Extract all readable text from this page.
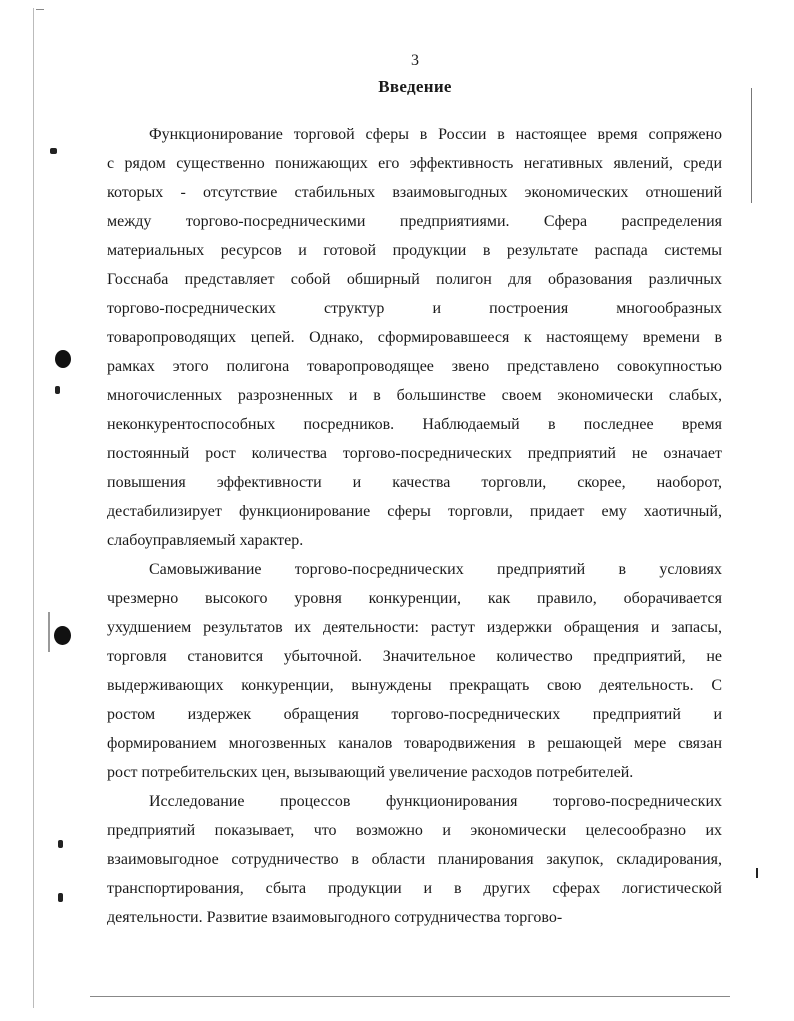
3
Введение
Функционирование торговой сферы в России в настоящее время сопряжено
с рядом существенно понижающих его эффективность негативных явлений, среди
которых - отсутствие стабильных взаимовыгодных экономических отношений
между торгово-посредническими предприятиями. Сфера распределения
материальных ресурсов и готовой продукции в результате распада системы
Госснаба представляет собой обширный полигон для образования различных
торгово-посреднических структур и построения многообразных
товаропроводящих цепей. Однако, сформировавшееся к настоящему времени в
рамках этого полигона товаропроводящее звено представлено совокупностью
многочисленных разрозненных и в большинстве своем экономически слабых,
неконкурентоспособных посредников. Наблюдаемый в последнее время
постоянный рост количества торгово-посреднических предприятий не означает
повышения эффективности и качества торговли, скорее, наоборот,
дестабилизирует функционирование сферы торговли, придает ему хаотичный,
слабоуправляемый характер.
Самовыживание торгово-посреднических предприятий в условиях
чрезмерно высокого уровня конкуренции, как правило, оборачивается
ухудшением результатов их деятельности: растут издержки обращения и запасы,
торговля становится убыточной. Значительное количество предприятий, не
выдерживающих конкуренции, вынуждены прекращать свою деятельность. С
ростом издержек обращения торгово-посреднических предприятий и
формированием многозвенных каналов товародвижения в решающей мере связан
рост потребительских цен, вызывающий увеличение расходов потребителей.
Исследование процессов функционирования торгово-посреднических
предприятий показывает, что возможно и экономически целесообразно их
взаимовыгодное сотрудничество в области планирования закупок, складирования,
транспортирования, сбыта продукции и в других сферах логистической
деятельности. Развитие взаимовыгодного сотрудничества торгово-
